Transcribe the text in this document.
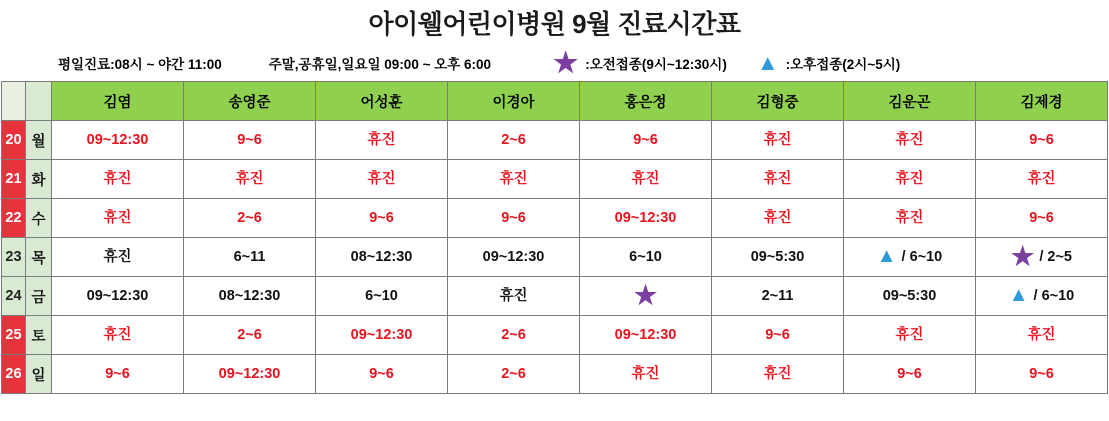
아이웰어린이병원 9월 진료시간표
평일진료:08시 ~ 야간 11:00	주말,공휴일,일요일 09:00 ~ 오후 6:00 ★ :오전접종(9시~12:30시) ▲ :오후접종(2시~5시)
		김염	송영준	어성훈	이경아	홍은정	김형중	김운곤	김제경
20	월	09~12:30	9~6	휴진	2~6	9~6	휴진	휴진	9~6

21	화	휴진	휴진	휴진	휴진	휴진	휴진	휴진	휴진

22	수	휴진	2~6	9~6	9~6	09~12:30	휴진	휴진	9~6

23	목	휴진	6~11	08~12:30	09~12:30	6~10	09~5:30	▲ / 6~10	★ / 2~5

24	금	09~12:30	08~12:30	6~10	휴진	★	2~11	09~5:30	▲ / 6~10

25	토	휴진	2~6	09~12:30	2~6	09~12:30	9~6	휴진	휴진

26	일	9~6	09~12:30	9~6	2~6	휴진	휴진	9~6	9~6
